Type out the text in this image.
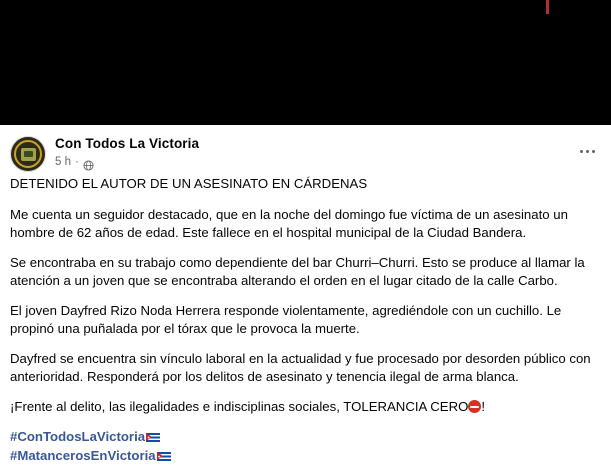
Con Todos La Victoria
5 h ·

DETENIDO EL AUTOR DE UN ASESINATO EN CÁRDENAS

Me cuenta un seguidor destacado, que en la noche del domingo fue víctima de un asesinato un hombre de 62 años de edad. Este fallece en el hospital municipal de la Ciudad Bandera.

Se encontraba en su trabajo como dependiente del bar Churri–Churri. Esto se produce al llamar la atención a un joven que se encontraba alterando el orden en el lugar citado de la calle Carbo.

El joven Dayfred Rizo Noda Herrera responde violentamente, agrediéndole con un cuchillo. Le propinó una puñalada por el tórax que le provoca la muerte.

Dayfred se encuentra sin vínculo laboral en la actualidad y fue procesado por desorden público con anterioridad. Responderá por los delitos de asesinato y tenencia ilegal de arma blanca.

¡Frente al delito, las ilegalidades e indisciplinas sociales, TOLERANCIA CERO !

#ConTodosLaVictoria
#MatancerosEnVictoria
